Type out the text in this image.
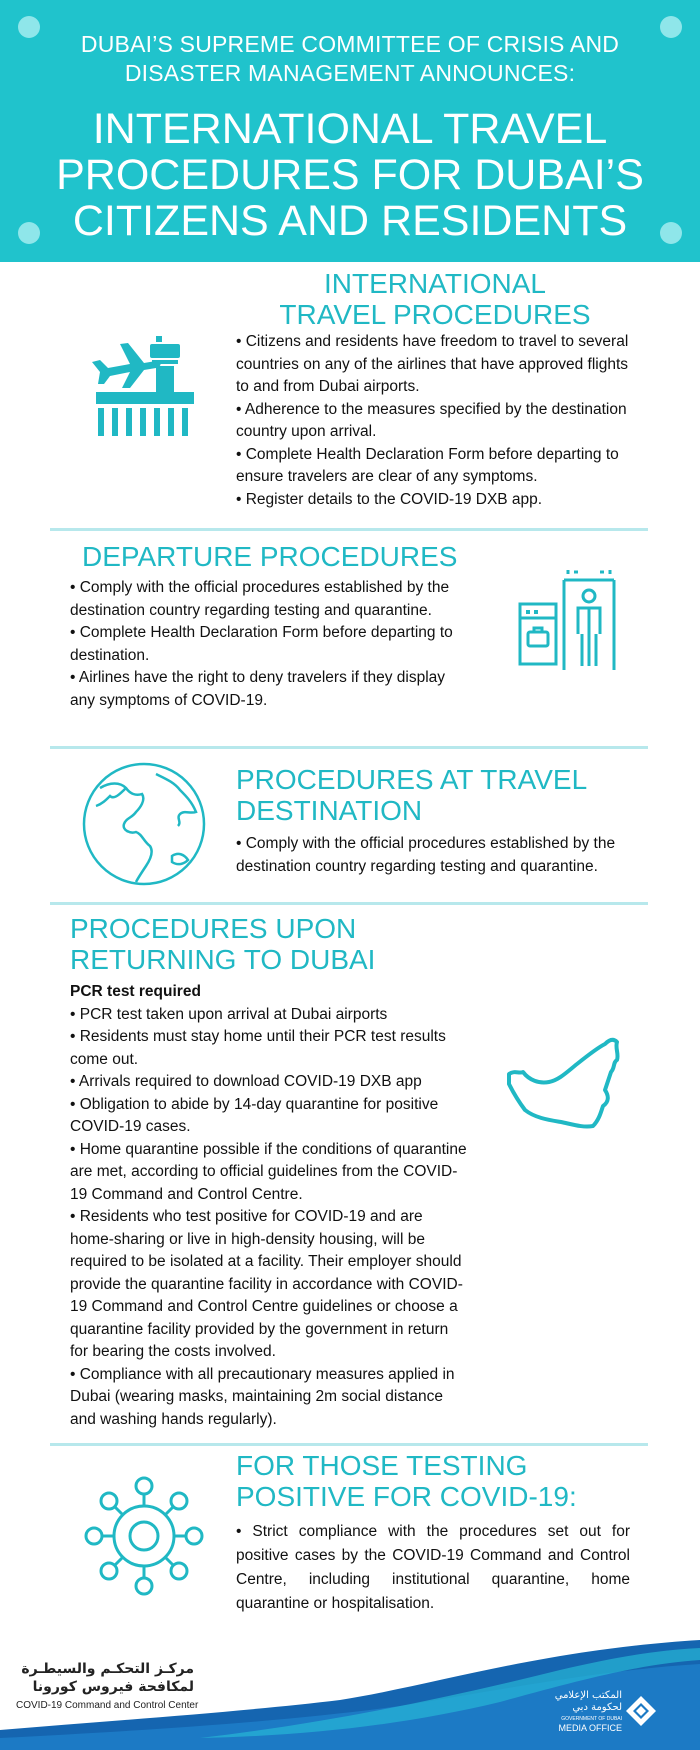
DUBAI’S SUPREME COMMITTEE OF CRISIS AND DISASTER MANAGEMENT ANNOUNCES:
INTERNATIONAL TRAVEL PROCEDURES FOR DUBAI’S CITIZENS AND RESIDENTS
INTERNATIONAL TRAVEL PROCEDURES
• Citizens and residents have freedom to travel to several countries on any of the airlines that have approved flights to and from Dubai airports.
• Adherence to the measures specified by the destination country upon arrival.
• Complete Health Declaration Form before departing to ensure travelers are clear of any symptoms.
• Register details to the COVID-19 DXB app.
DEPARTURE PROCEDURES
• Comply with the official procedures established by the destination country regarding testing and quarantine.
• Complete Health Declaration Form before departing to destination.
• Airlines have the right to deny travelers if they display any symptoms of COVID-19.
PROCEDURES AT TRAVEL DESTINATION
• Comply with the official procedures established by the destination country regarding testing and quarantine.
PROCEDURES UPON RETURNING TO DUBAI
PCR test required
• PCR test taken upon arrival at Dubai airports
• Residents must stay home until their PCR test results come out.
• Arrivals required to download COVID-19 DXB app
• Obligation to abide by 14-day quarantine for positive COVID-19 cases.
• Home quarantine possible if the conditions of quarantine are met, according to official guidelines from the COVID-19 Command and Control Centre.
• Residents who test positive for COVID-19 and are home-sharing or live in high-density housing, will be required to be isolated at a facility. Their employer should provide the quarantine facility in accordance with COVID-19 Command and Control Centre guidelines or choose a quarantine facility provided by the government in return for bearing the costs involved.
• Compliance with all precautionary measures applied in Dubai (wearing masks, maintaining 2m social distance and washing hands regularly).
FOR THOSE TESTING POSITIVE FOR COVID-19:
• Strict compliance with the procedures set out for positive cases by the COVID-19 Command and Control Centre, including institutional quarantine, home quarantine or hospitalisation.
مركـز التحكـم والسيطـرة
لمكافحة فيروس كورونا
COVID-19 Command and Control Center
المكتب الإعلامي
لحكومة دبي
GOVERNMENT OF DUBAI
MEDIA OFFICE
